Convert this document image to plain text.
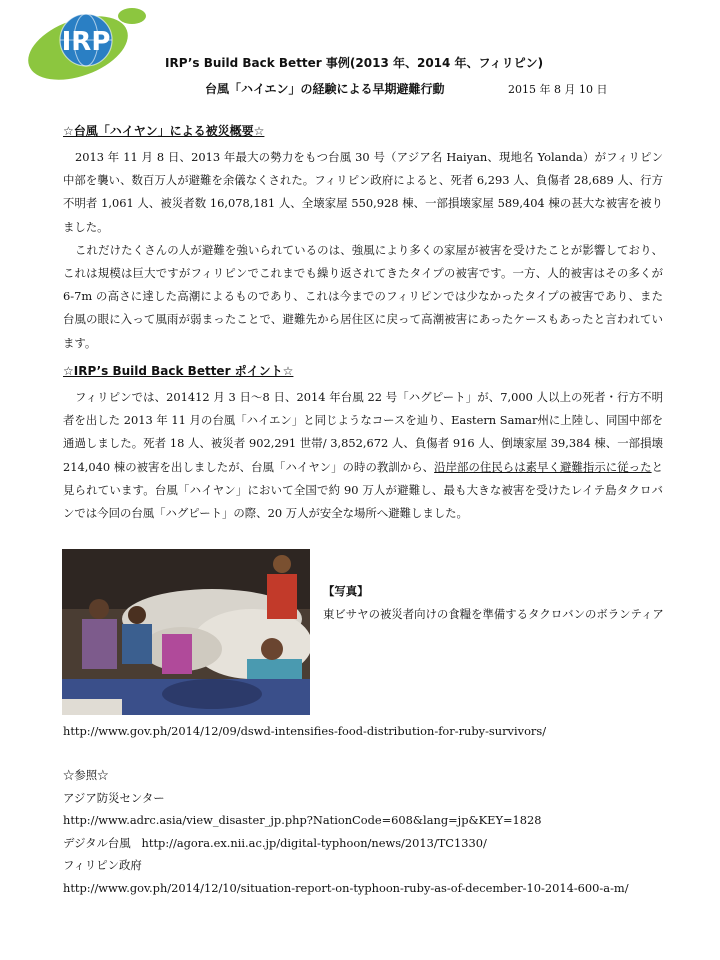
IRP
IRP’s Build Back Better 事例(2013 年、2014 年、フィリピン)
台風「ハイエン」の経験による早期避難行動	2015 年 8 月 10 日
☆台風「ハイヤン」による被災概要☆

2013 年 11 月 8 日、2013 年最大の勢力をもつ台風 30 号（アジア名 Haiyan、現地名 Yolanda）がフィリピン中部を襲い、数百万人が避難を余儀なくされた。フィリピン政府によると、死者 6,293 人、負傷者 28,689 人、行方不明者 1,061 人、被災者数 16,078,181 人、全壊家屋 550,928 棟、一部損壊家屋 589,404 棟の甚大な被害を被りました。

これだけたくさんの人が避難を強いられているのは、強風により多くの家屋が被害を受けたことが影響しており、これは規模は巨大ですがフィリピンでこれまでも繰り返されてきたタイプの被害です。一方、人的被害はその多くが 6-7m の高さに達した高潮によるものであり、これは今までのフィリピンでは少なかったタイプの被害であり、また台風の眼に入って風雨が弱まったことで、避難先から居住区に戻って高潮被害にあったケースもあったと言われています。

☆IRP’s Build Back Better ポイント☆

フィリピンでは、201412 月 3 日～8 日、2014 年台風 22 号「ハグピート」が、7,000 人以上の死者・行方不明者を出した 2013 年 11 月の台風「ハイエン」と同じようなコースを辿り、Eastern Samar州に上陸し、同国中部を通過しました。死者 18 人、被災者 902,291 世帯/ 3,852,672 人、負傷者 916 人、倒壊家屋 39,384 棟、一部損壊 214,040 棟の被害を出しましたが、台風「ハイヤン」の時の教訓から、沿岸部の住民らは素早く避難指示に従ったと見られています。台風「ハイヤン」において全国で約 90 万人が避難し、最も大きな被害を受けたレイテ島タクロバンでは今回の台風「ハグピート」の際、20 万人が安全な場所へ避難しました。

【写真】
東ビサヤの被災者向けの食糧を準備するタクロバンのボランティア
http://www.gov.ph/2014/12/09/dswd-intensifies-food-distribution-for-ruby-survivors/
☆参照☆
アジア防災センター
http://www.adrc.asia/view_disaster_jp.php?NationCode=608&lang=jp&KEY=1828
デジタル台風 http://agora.ex.nii.ac.jp/digital-typhoon/news/2013/TC1330/
フィリピン政府
http://www.gov.ph/2014/12/10/situation-report-on-typhoon-ruby-as-of-december-10-2014-600-a-m/
